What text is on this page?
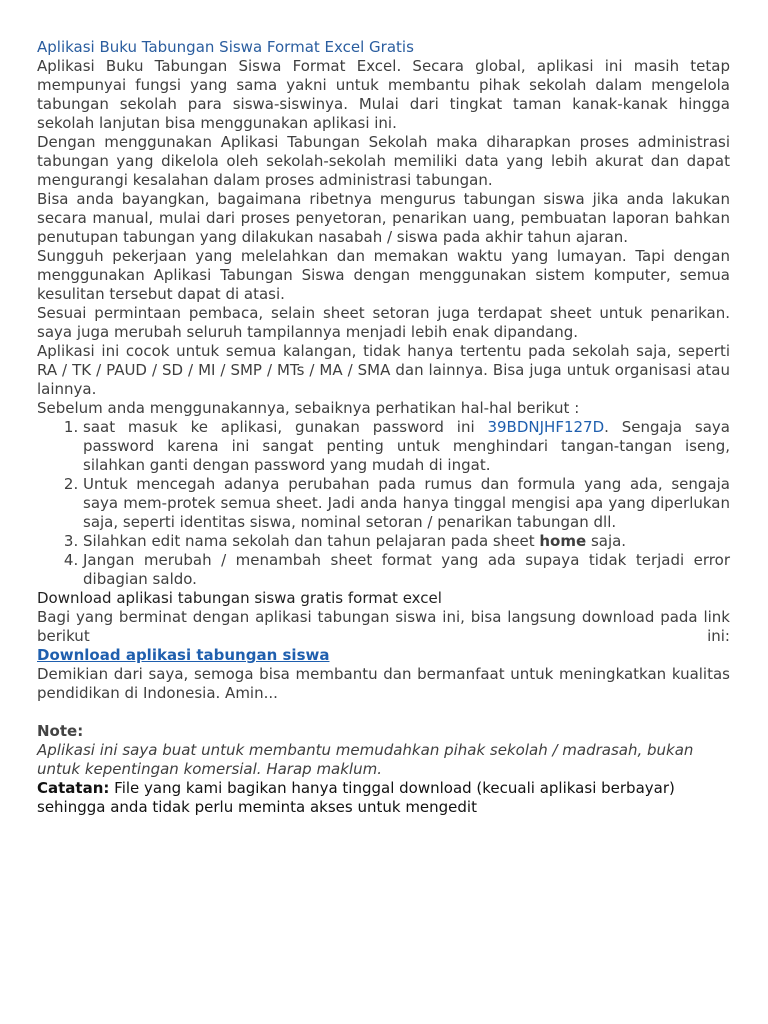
Aplikasi Buku Tabungan Siswa Format Excel Gratis

Aplikasi Buku Tabungan Siswa Format Excel. Secara global, aplikasi ini masih tetap mempunyai fungsi yang sama yakni untuk membantu pihak sekolah dalam mengelola tabungan sekolah para siswa-siswinya. Mulai dari tingkat taman kanak-kanak hingga sekolah lanjutan bisa menggunakan aplikasi ini.

Dengan menggunakan Aplikasi Tabungan Sekolah maka diharapkan proses administrasi tabungan yang dikelola oleh sekolah-sekolah memiliki data yang lebih akurat dan dapat mengurangi kesalahan dalam proses administrasi tabungan.

Bisa anda bayangkan, bagaimana ribetnya mengurus tabungan siswa jika anda lakukan secara manual, mulai dari proses penyetoran, penarikan uang, pembuatan laporan bahkan penutupan tabungan yang dilakukan nasabah / siswa pada akhir tahun ajaran.

Sungguh pekerjaan yang melelahkan dan memakan waktu yang lumayan. Tapi dengan menggunakan Aplikasi Tabungan Siswa dengan menggunakan sistem komputer, semua kesulitan tersebut dapat di atasi.

Sesuai permintaan pembaca, selain sheet setoran juga terdapat sheet untuk penarikan. saya juga merubah seluruh tampilannya menjadi lebih enak dipandang.

Aplikasi ini cocok untuk semua kalangan, tidak hanya tertentu pada sekolah saja, seperti RA / TK / PAUD / SD / MI / SMP / MTs / MA / SMA dan lainnya. Bisa juga untuk organisasi atau lainnya.

Sebelum anda menggunakannya, sebaiknya perhatikan hal-hal berikut :

1. saat masuk ke aplikasi, gunakan password ini 39BDNJHF127D. Sengaja saya password karena ini sangat penting untuk menghindari tangan-tangan iseng, silahkan ganti dengan password yang mudah di ingat.
2. Untuk mencegah adanya perubahan pada rumus dan formula yang ada, sengaja saya mem-protek semua sheet. Jadi anda hanya tinggal mengisi apa yang diperlukan saja, seperti identitas siswa, nominal setoran / penarikan tabungan dll.
3. Silahkan edit nama sekolah dan tahun pelajaran pada sheet home saja.
4. Jangan merubah / menambah sheet format yang ada supaya tidak terjadi error dibagian saldo.
Download aplikasi tabungan siswa gratis format excel

Bagi yang berminat dengan aplikasi tabungan siswa ini, bisa langsung download pada link berikut ini:

Download aplikasi tabungan siswa

Demikian dari saya, semoga bisa membantu dan bermanfaat untuk meningkatkan kualitas pendidikan di Indonesia. Amin...

Note:
Aplikasi ini saya buat untuk membantu memudahkan pihak sekolah / madrasah, bukan untuk kepentingan komersial. Harap maklum.
Catatan: File yang kami bagikan hanya tinggal download (kecuali aplikasi berbayar) sehingga anda tidak perlu meminta akses untuk mengedit
